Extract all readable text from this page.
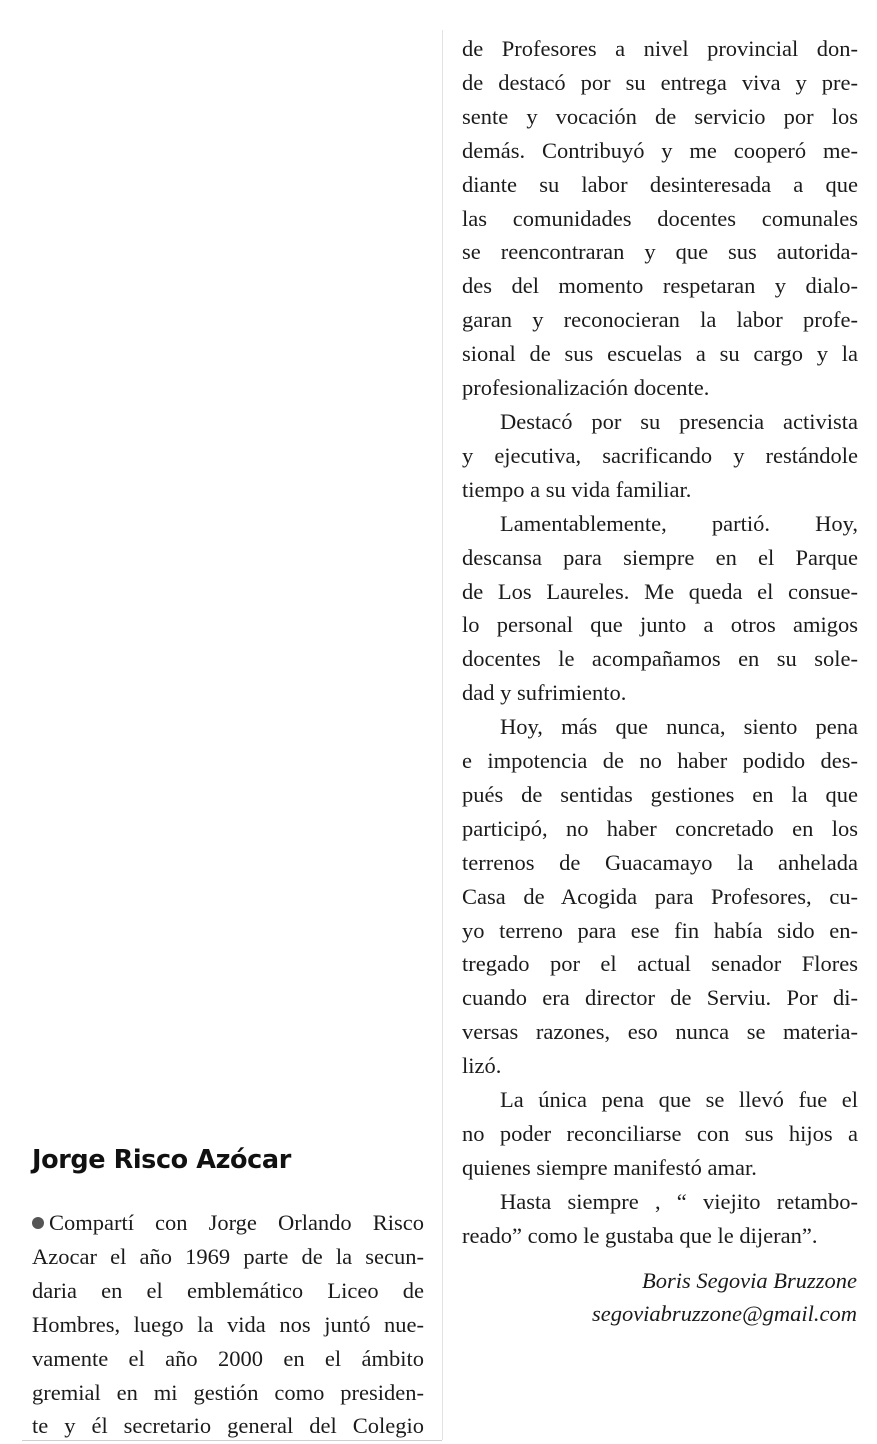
Jorge Risco Azócar
Compartí con Jorge Orlando Risco
Azocar el año 1969 parte de la secun-
daria en el emblemático Liceo de
Hombres, luego la vida nos juntó nue-
vamente el año 2000 en el ámbito
gremial en mi gestión como presiden-
te y él secretario general del Colegio
de Profesores a nivel provincial don-
de destacó por su entrega viva y pre-
sente y vocación de servicio por los
demás. Contribuyó y me cooperó me-
diante su labor desinteresada a que
las comunidades docentes comunales
se reencontraran y que sus autorida-
des del momento respetaran y dialo-
garan y reconocieran la labor profe-
sional de sus escuelas a su cargo y la
profesionalización docente.
Destacó por su presencia activista
y ejecutiva, sacrificando y restándole
tiempo a su vida familiar.
Lamentablemente, partió. Hoy,
descansa para siempre en el Parque
de Los Laureles. Me queda el consue-
lo personal que junto a otros amigos
docentes le acompañamos en su sole-
dad y sufrimiento.
Hoy, más que nunca, siento pena
e impotencia de no haber podido des-
pués de sentidas gestiones en la que
participó, no haber concretado en los
terrenos de Guacamayo la anhelada
Casa de Acogida para Profesores, cu-
yo terreno para ese fin había sido en-
tregado por el actual senador Flores
cuando era director de Serviu. Por di-
versas razones, eso nunca se materia-
lizó.
La única pena que se llevó fue el
no poder reconciliarse con sus hijos a
quienes siempre manifestó amar.
Hasta siempre , “ viejito retambo-
reado” como le gustaba que le dijeran”.
Boris Segovia Bruzzone
segoviabruzzone@gmail.com
